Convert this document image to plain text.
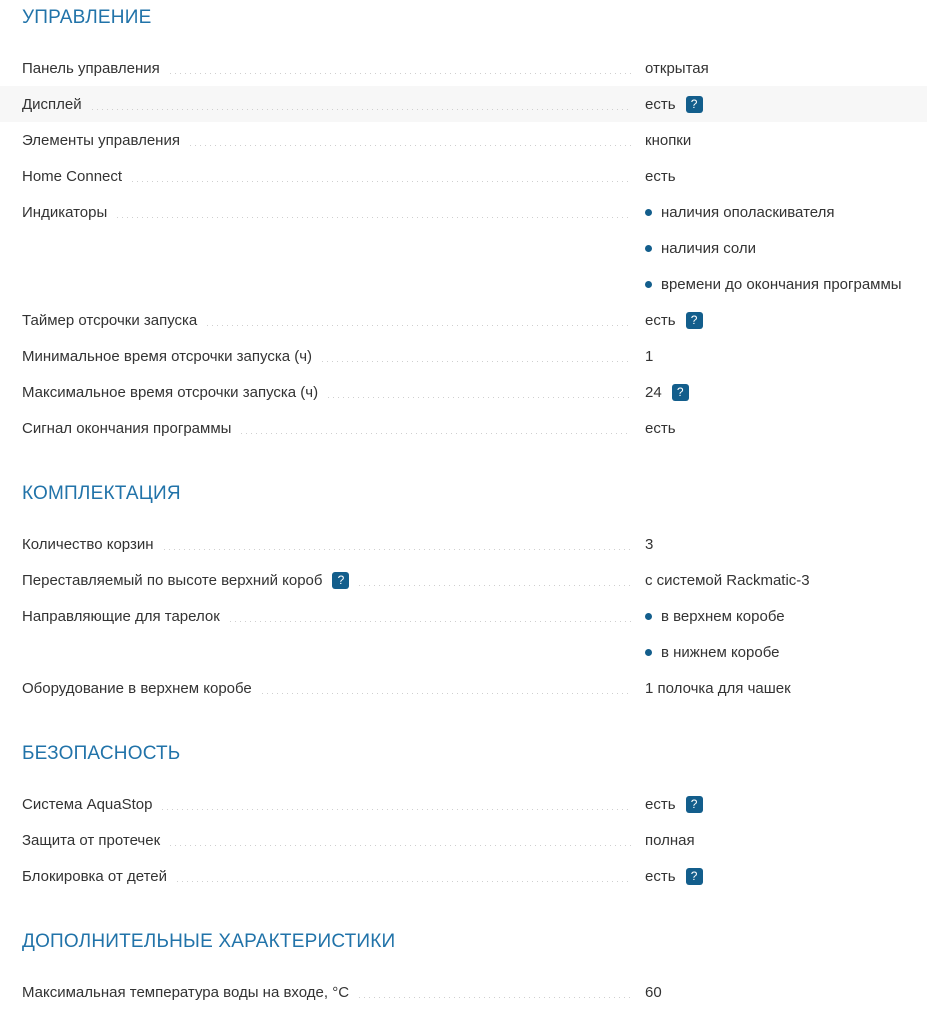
УПРАВЛЕНИЕ
Панель управления	открытая
Дисплей	есть	?
Элементы управления	кнопки
Home Connect	есть
Индикаторы	наличия ополаскивателя
наличия соли
времени до окончания программы
Таймер отсрочки запуска	есть	?
Минимальное время отсрочки запуска (ч)	1
Максимальное время отсрочки запуска (ч)	24	?
Сигнал окончания программы	есть
КОМПЛЕКТАЦИЯ
Количество корзин	3
Переставляемый по высоте верхний короб	?	с системой Rackmatic-3
Направляющие для тарелок	в верхнем коробе
в нижнем коробе
Оборудование в верхнем коробе	1 полочка для чашек
БЕЗОПАСНОСТЬ
Система AquaStop	есть	?
Защита от протечек	полная
Блокировка от детей	есть	?
ДОПОЛНИТЕЛЬНЫЕ ХАРАКТЕРИСТИКИ
Максимальная температура воды на входе, °С	60
